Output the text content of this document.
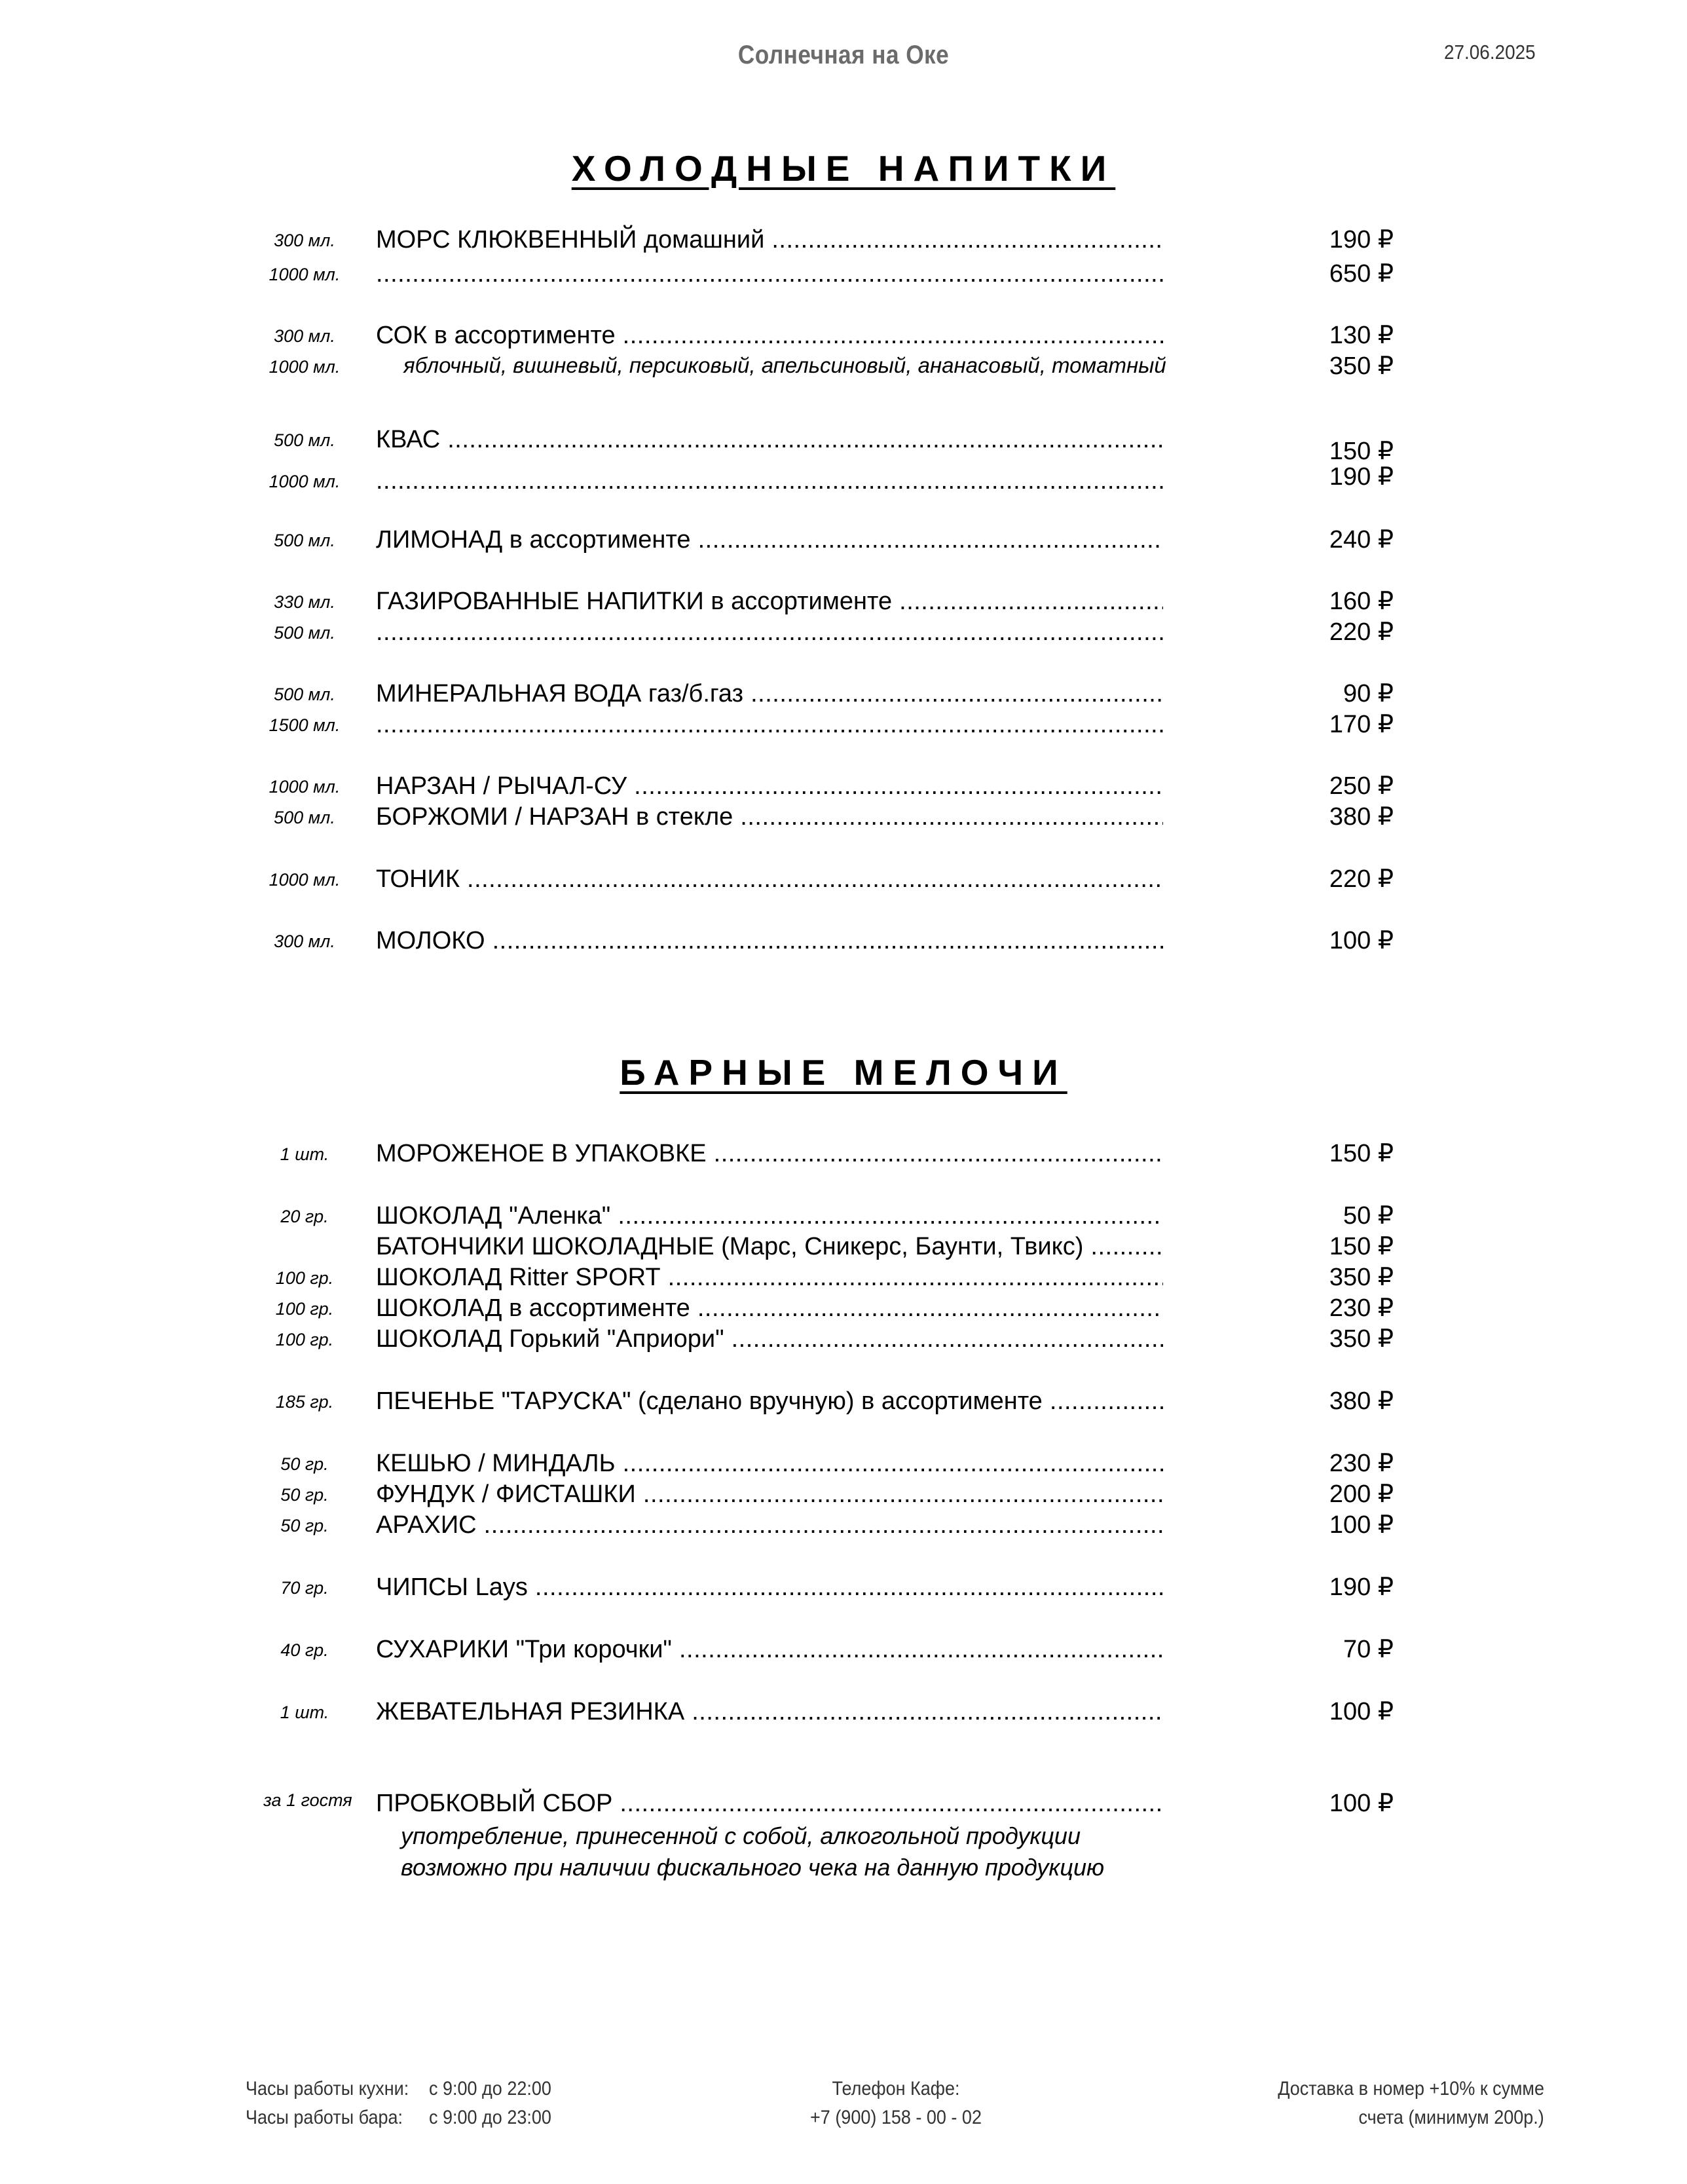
Солнечная на Оке	27.06.2025
ХОЛОДНЫЕ НАПИТКИ
300 мл.	МОРС КЛЮКВЕННЫЙ домашний .....	190 ₽
1000 мл. .....	650 ₽
300 мл.	СОК в ассортименте .....	130 ₽
1000 мл.	яблочный, вишневый, персиковый, апельсиновый, ананасовый, томатный	350 ₽
500 мл.	КВАС .....	150 ₽
1000 мл. .....	190 ₽
500 мл.	ЛИМОНАД в ассортименте .....	240 ₽
330 мл.	ГАЗИРОВАННЫЕ НАПИТКИ в ассортименте .....	160 ₽
500 мл. .....	220 ₽
500 мл.	МИНЕРАЛЬНАЯ ВОДА газ/б.газ .....	90 ₽
1500 мл. .....	170 ₽
1000 мл. НАРЗАН / РЫЧАЛ-СУ .....	250 ₽
500 мл.	БОРЖОМИ / НАРЗАН в стекле .....	380 ₽
1000 мл. ТОНИК .....	220 ₽
300 мл.	МОЛОКО .....	100 ₽
БАРНЫЕ МЕЛОЧИ
1 шт.	МОРОЖЕНОЕ В УПАКОВКЕ .....	150 ₽
20 гр.	ШОКОЛАД "Аленка" .....	50 ₽
БАТОНЧИКИ ШОКОЛАДНЫЕ (Марс, Сникерс, Баунти, Твикс) .....	150 ₽
100 гр.	ШОКОЛАД Ritter SPORT .....	350 ₽
100 гр.	ШОКОЛАД в ассортименте .....	230 ₽
100 гр.	ШОКОЛАД Горький "Априори" .....	350 ₽
185 гр.	ПЕЧЕНЬЕ "ТАРУСКА" (сделано вручную) в ассортименте .....	380 ₽
50 гр.	КЕШЬЮ / МИНДАЛЬ .....	230 ₽
50 гр.	ФУНДУК / ФИСТАШКИ .....	200 ₽
50 гр.	АРАХИС .....	100 ₽
70 гр.	ЧИПСЫ Lays .....	190 ₽
40 гр.	СУХАРИКИ "Три корочки" .....	70 ₽
1 шт.	ЖЕВАТЕЛЬНАЯ РЕЗИНКА .....	100 ₽
за 1 гостя ПРОБКОВЫЙ СБОР .....	100 ₽
употребление, принесенной с собой, алкогольной продукции
возможно при наличии фискального чека на данную продукцию
Часы работы кухни: с 9:00 до 22:00
Часы работы бара: с 9:00 до 23:00
Телефон Кафе:
+7 (900) 158 - 00 - 02
Доставка в номер +10% к сумме
счета (минимум 200р.)
